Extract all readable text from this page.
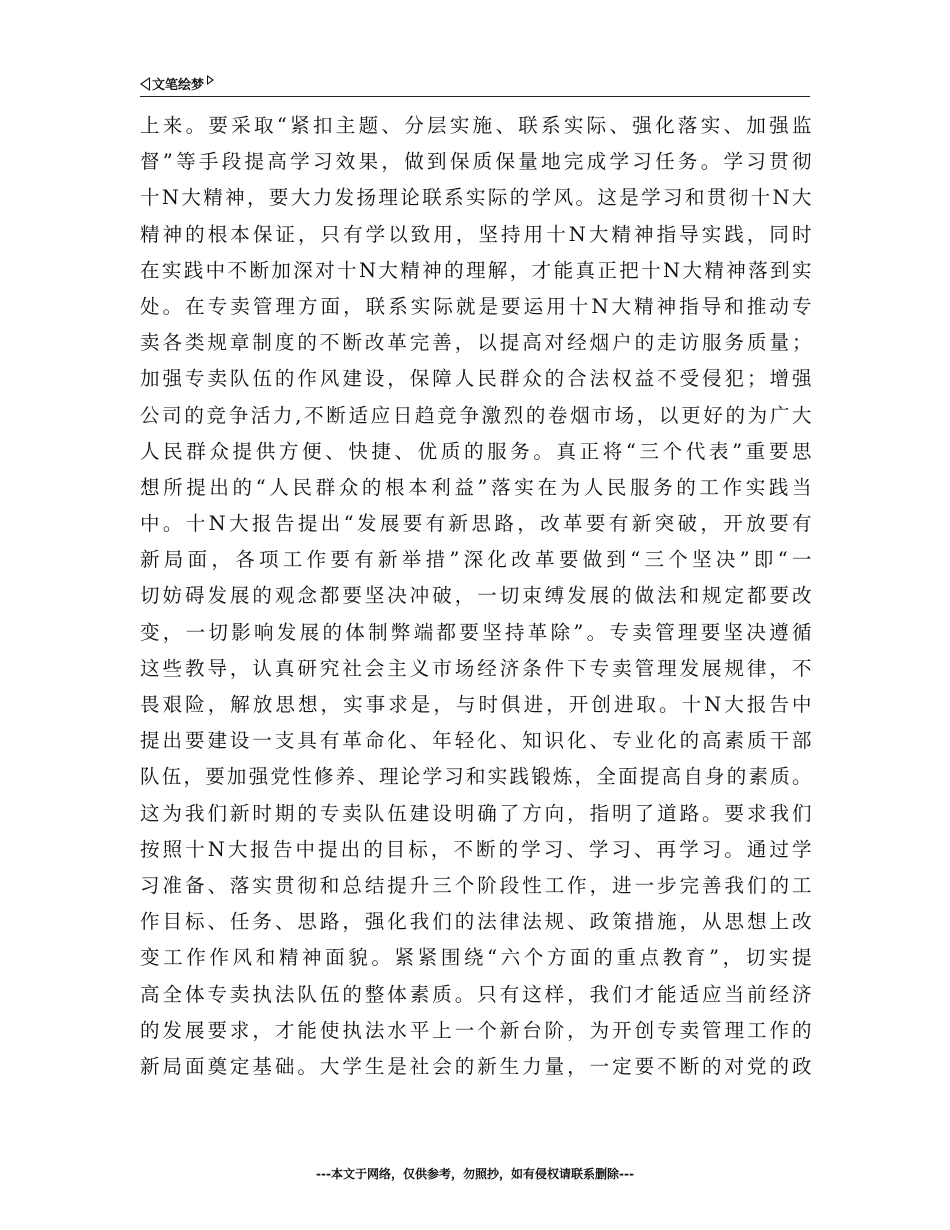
文笔绘梦
上来。要采取“紧扣主题、分层实施、联系实际、强化落实、加强监
督”等手段提高学习效果，做到保质保量地完成学习任务。学习贯彻
十N大精神，要大力发扬理论联系实际的学风。这是学习和贯彻十N大
精神的根本保证，只有学以致用，坚持用十N大精神指导实践，同时
在实践中不断加深对十N大精神的理解，才能真正把十N大精神落到实
处。在专卖管理方面，联系实际就是要运用十N大精神指导和推动专
卖各类规章制度的不断改革完善，以提高对经烟户的走访服务质量；
加强专卖队伍的作风建设，保障人民群众的合法权益不受侵犯；增强
公司的竞争活力,不断适应日趋竞争激烈的卷烟市场，以更好的为广大
人民群众提供方便、快捷、优质的服务。真正将“三个代表”重要思
想所提出的“人民群众的根本利益”落实在为人民服务的工作实践当
中。十N大报告提出“发展要有新思路，改革要有新突破，开放要有
新局面，各项工作要有新举措”深化改革要做到“三个坚决”即“一
切妨碍发展的观念都要坚决冲破，一切束缚发展的做法和规定都要改
变，一切影响发展的体制弊端都要坚持革除”。专卖管理要坚决遵循
这些教导，认真研究社会主义市场经济条件下专卖管理发展规律，不
畏艰险，解放思想，实事求是，与时俱进，开创进取。十N大报告中
提出要建设一支具有革命化、年轻化、知识化、专业化的高素质干部
队伍，要加强党性修养、理论学习和实践锻炼，全面提高自身的素质。
这为我们新时期的专卖队伍建设明确了方向，指明了道路。要求我们
按照十N大报告中提出的目标，不断的学习、学习、再学习。通过学
习准备、落实贯彻和总结提升三个阶段性工作，进一步完善我们的工
作目标、任务、思路，强化我们的法律法规、政策措施，从思想上改
变工作作风和精神面貌。紧紧围绕“六个方面的重点教育”，切实提
高全体专卖执法队伍的整体素质。只有这样，我们才能适应当前经济
的发展要求，才能使执法水平上一个新台阶，为开创专卖管理工作的
新局面奠定基础。大学生是社会的新生力量，一定要不断的对党的政
---本文于网络，仅供参考，勿照抄，如有侵权请联系删除---
